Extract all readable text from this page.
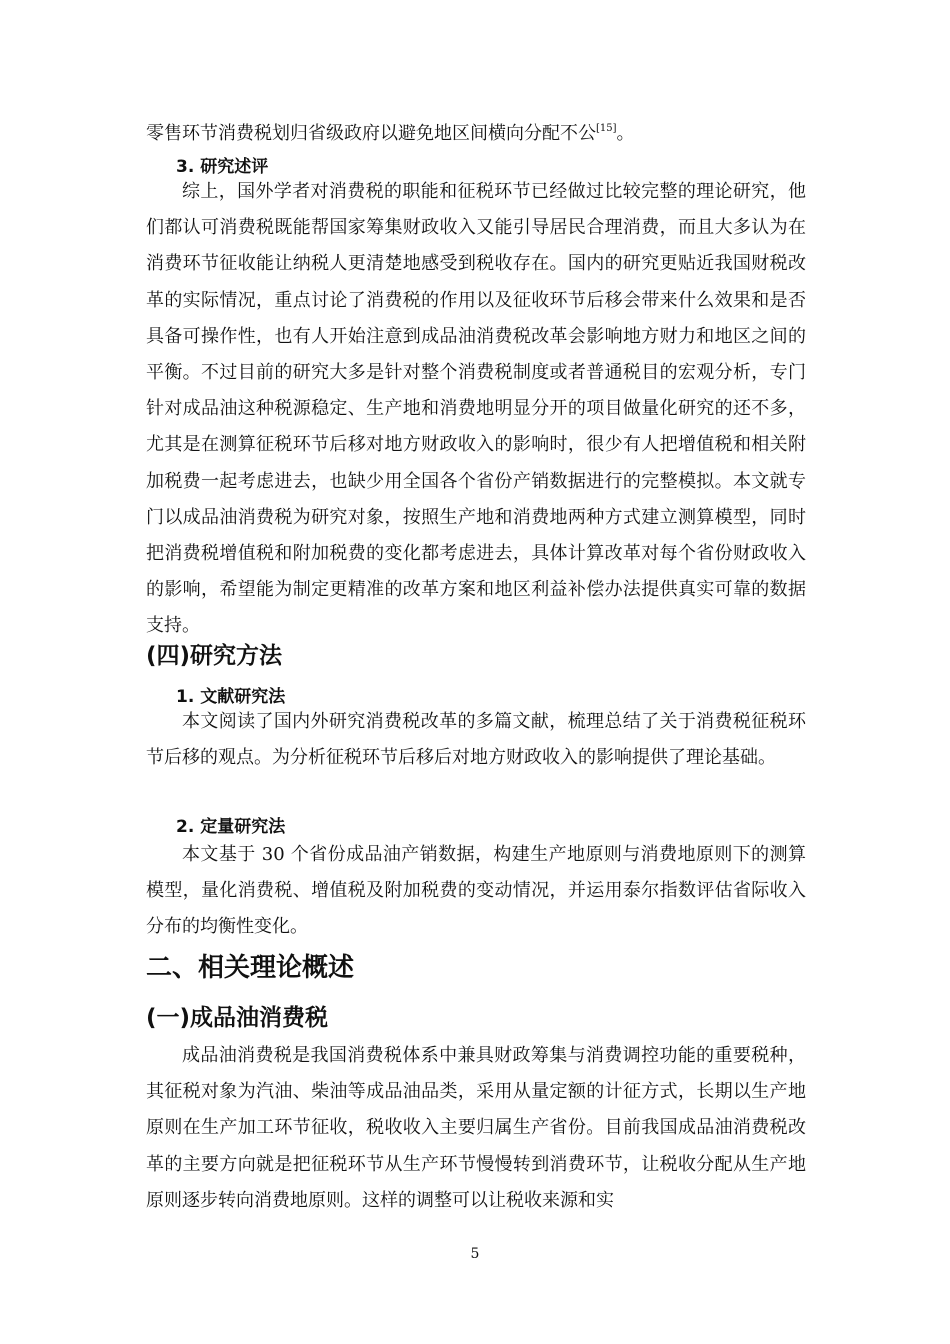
零售环节消费税划归省级政府以避免地区间横向分配不公[15]。

3. 研究述评

综上，国外学者对消费税的职能和征税环节已经做过比较完整的理论研究，他们都认可消费税既能帮国家筹集财政收入又能引导居民合理消费，而且大多认为在消费环节征收能让纳税人更清楚地感受到税收存在。国内的研究更贴近我国财税改革的实际情况，重点讨论了消费税的作用以及征收环节后移会带来什么效果和是否具备可操作性，也有人开始注意到成品油消费税改革会影响地方财力和地区之间的平衡。不过目前的研究大多是针对整个消费税制度或者普通税目的宏观分析，专门针对成品油这种税源稳定、生产地和消费地明显分开的项目做量化研究的还不多，尤其是在测算征税环节后移对地方财政收入的影响时，很少有人把增值税和相关附加税费一起考虑进去，也缺少用全国各个省份产销数据进行的完整模拟。本文就专门以成品油消费税为研究对象，按照生产地和消费地两种方式建立测算模型，同时把消费税增值税和附加税费的变化都考虑进去，具体计算改革对每个省份财政收入的影响，希望能为制定更精准的改革方案和地区利益补偿办法提供真实可靠的数据支持。

(四)研究方法
1. 文献研究法

本文阅读了国内外研究消费税改革的多篇文献，梳理总结了关于消费税征税环节后移的观点。为分析征税环节后移后对地方财政收入的影响提供了理论基础。

2. 定量研究法

本文基于 30 个省份成品油产销数据，构建生产地原则与消费地原则下的测算模型，量化消费税、增值税及附加税费的变动情况，并运用泰尔指数评估省际收入分布的均衡性变化。

二、相关理论概述
(一)成品油消费税

成品油消费税是我国消费税体系中兼具财政筹集与消费调控功能的重要税种，其征税对象为汽油、柴油等成品油品类，采用从量定额的计征方式，长期以生产地原则在生产加工环节征收，税收收入主要归属生产省份。目前我国成品油消费税改革的主要方向就是把征税环节从生产环节慢慢转到消费环节，让税收分配从生产地原则逐步转向消费地原则。这样的调整可以让税收来源和实

5
